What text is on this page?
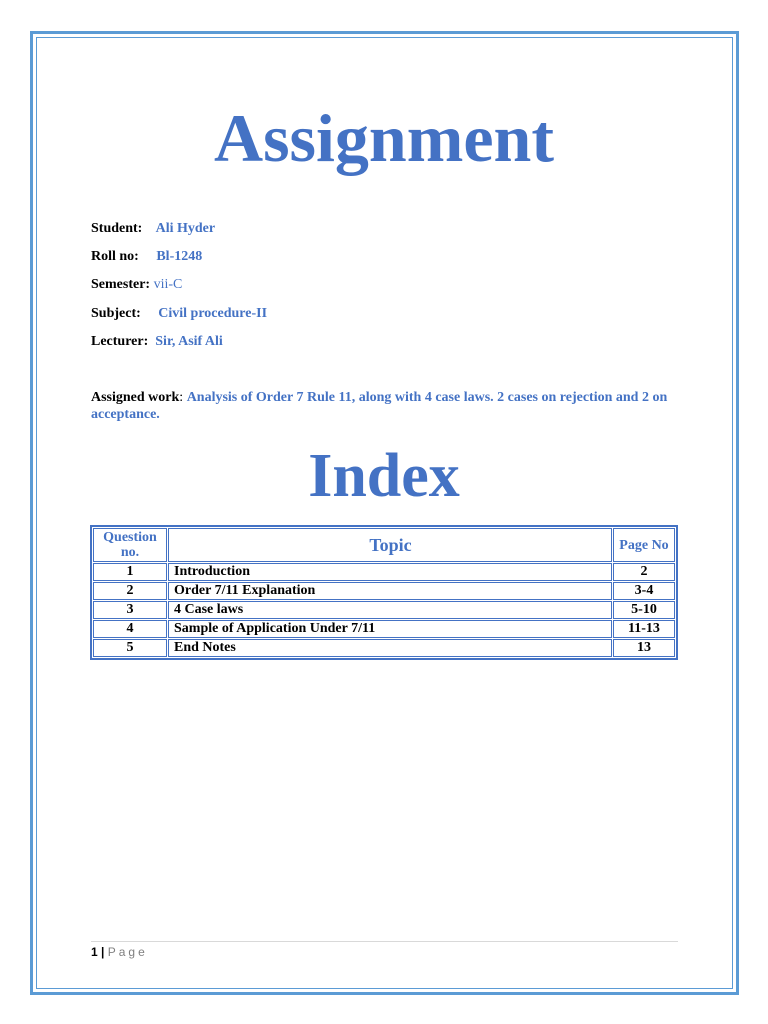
Assignment
Student: Ali Hyder
Roll no: Bl-1248
Semester: vii-C
Subject: Civil procedure-II
Lecturer: Sir, Asif Ali
Assigned work: Analysis of Order 7 Rule 11, along with 4 case laws. 2 cases on rejection and 2 on acceptance.
Index
Question no.	Topic	Page No
1	Introduction	2
2	Order 7/11 Explanation	3-4
3	4 Case laws	5-10
4	Sample of Application Under 7/11	11-13
5	End Notes	13
1 | Page
